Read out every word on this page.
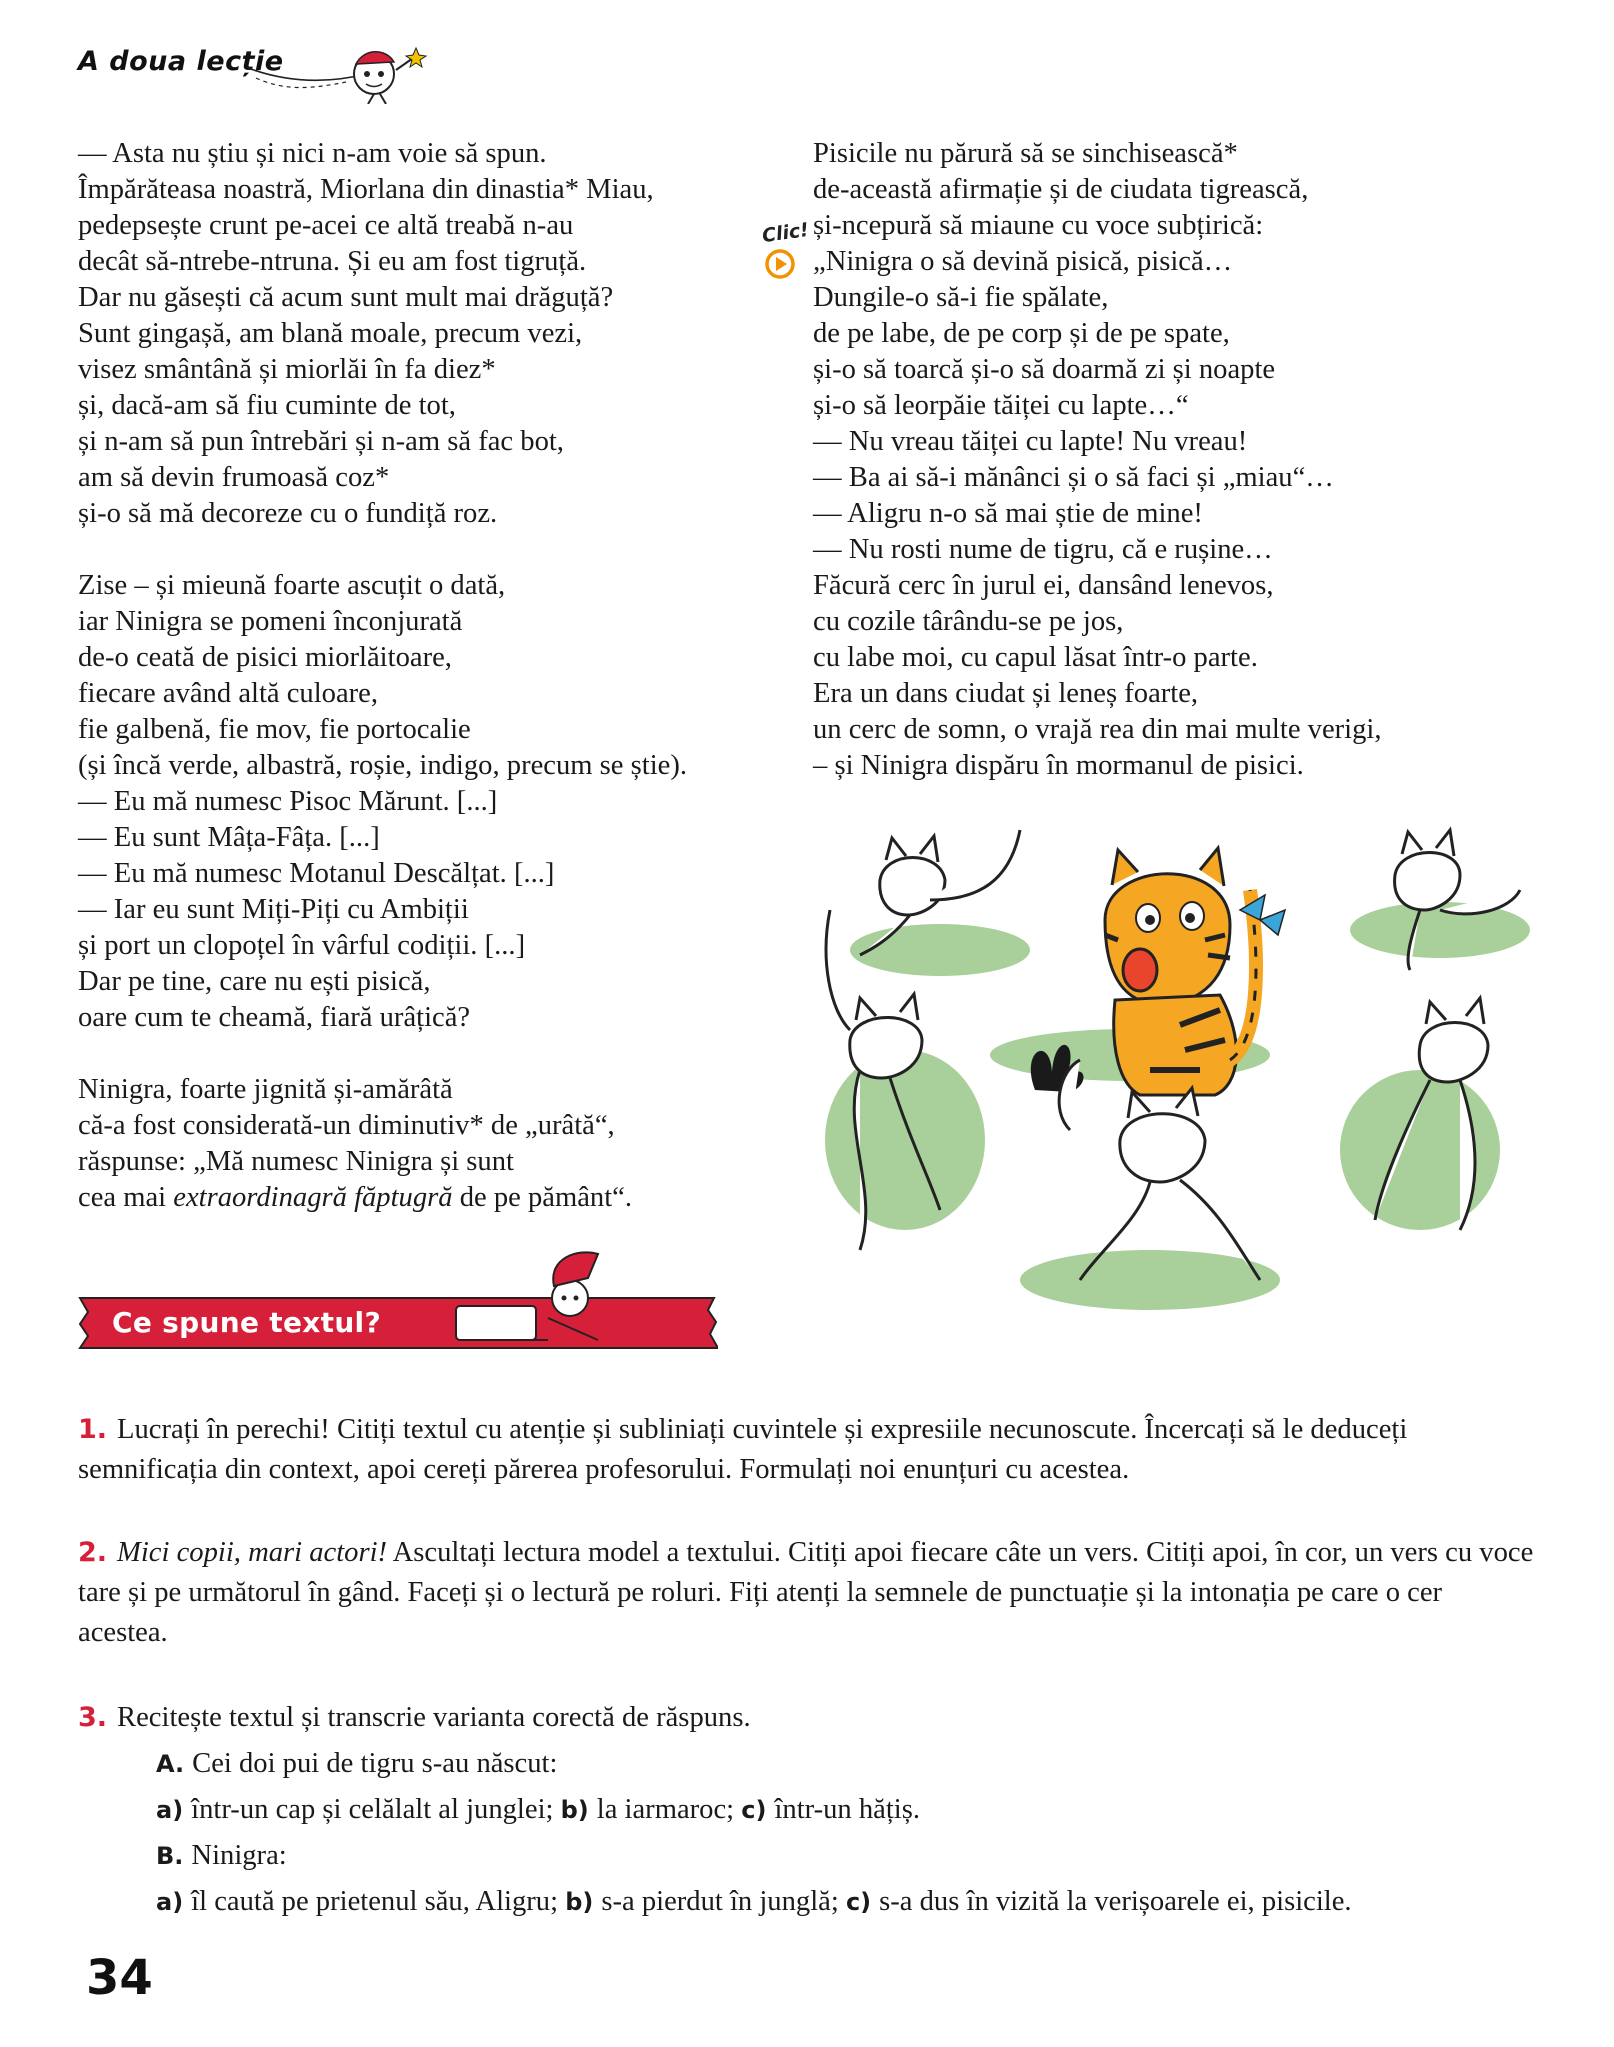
A doua lecție
— Asta nu știu și nici n-am voie să spun.
Împărăteasa noastră, Miorlana din dinastia* Miau,
pedepsește crunt pe-acei ce altă treabă n-au
decât să-ntrebe-ntruna. Și eu am fost tigruță.
Dar nu găsești că acum sunt mult mai drăguță?
Sunt gingașă, am blană moale, precum vezi,
visez smântână și miorlăi în fa diez*
și, dacă-am să fiu cuminte de tot,
și n-am să pun întrebări și n-am să fac bot,
am să devin frumoasă coz*
și-o să mă decoreze cu o fundiță roz.
Zise – și mieună foarte ascuțit o dată,
iar Ninigra se pomeni înconjurată
de-o ceată de pisici miorlăitoare,
fiecare având altă culoare,
fie galbenă, fie mov, fie portocalie
(și încă verde, albastră, roșie, indigo, precum se știe).
— Eu mă numesc Pisoc Mărunt. [...]
— Eu sunt Mâța-Fâța. [...]
— Eu mă numesc Motanul Descălțat. [...]
— Iar eu sunt Miți-Piți cu Ambiții
și port un clopoțel în vârful codiții. [...]
Dar pe tine, care nu ești pisică,
oare cum te cheamă, fiară urâțică?
Ninigra, foarte jignită și-amărâtă
că-a fost considerată-un diminutiv* de „urâtă“,
răspunse: „Mă numesc Ninigra și sunt
cea mai extraordinagră făptugră de pe pământ“.
Clic!
Pisicile nu părură să se sinchisească*
de-această afirmație și de ciudata tigrească,
și-ncepură să miaune cu voce subțirică:
„Ninigra o să devină pisică, pisică…
Dungile-o să-i fie spălate,
de pe labe, de pe corp și de pe spate,
și-o să toarcă și-o să doarmă zi și noapte
și-o să leorpăie tăiței cu lapte…“
— Nu vreau tăiței cu lapte! Nu vreau!
— Ba ai să-i mănânci și o să faci și „miau“…
— Aligru n-o să mai știe de mine!
— Nu rosti nume de tigru, că e rușine…
Făcură cerc în jurul ei, dansând lenevos,
cu cozile târându-se pe jos,
cu labe moi, cu capul lăsat într-o parte.
Era un dans ciudat și leneș foarte,
un cerc de somn, o vrajă rea din mai multe verigi,
– și Ninigra dispăru în mormanul de pisici.
Ce spune textul?

1. Lucrați în perechi! Citiți textul cu atenție și subliniați cuvintele și expresiile necunoscute. Încercați să le deduceți semnificația din context, apoi cereți părerea profesorului. Formulați noi enunțuri cu acestea.

2. Mici copii, mari actori! Ascultați lectura model a textului. Citiți apoi fiecare câte un vers. Citiți apoi, în cor, un vers cu voce tare și pe următorul în gând. Faceți și o lectură pe roluri. Fiți atenți la semnele de punctuație și la intonația pe care o cer acestea.

3. Recitește textul și transcrie varianta corectă de răspuns.
A. Cei doi pui de tigru s-au născut:
a) într-un cap și celălalt al junglei; b) la iarmaroc; c) într-un hățiș.
B. Ninigra:
a) îl caută pe prietenul său, Aligru; b) s-a pierdut în junglă; c) s-a dus în vizită la verișoarele ei, pisicile.
34
